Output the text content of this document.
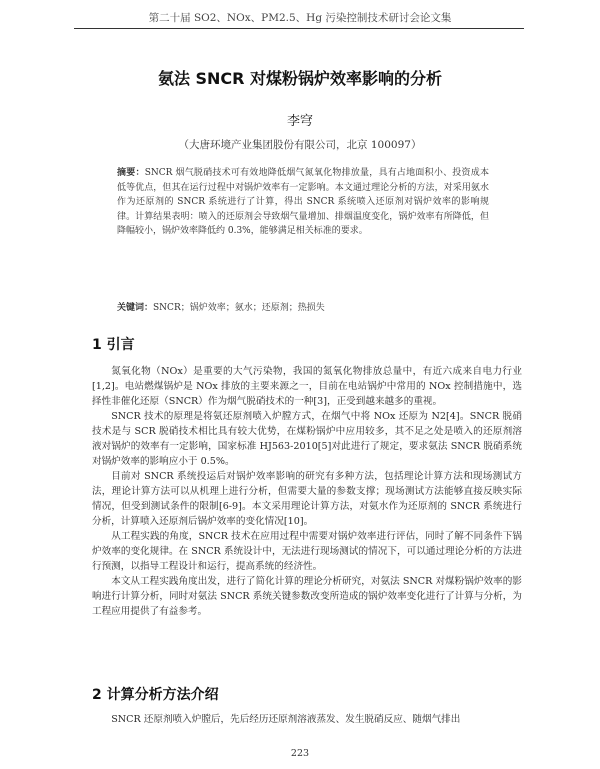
第二十届 SO2、NOx、PM2.5、Hg 污染控制技术研讨会论文集
氨法 SNCR 对煤粉锅炉效率影响的分析
李穹
（大唐环境产业集团股份有限公司，北京 100097）
摘要：SNCR 烟气脱硝技术可有效地降低烟气氮氧化物排放量，具有占地面积小、投资成本低等优点，但其在运行过程中对锅炉效率有一定影响。本文通过理论分析的方法，对采用氨水作为还原剂的 SNCR 系统进行了计算，得出 SNCR 系统喷入还原剂对锅炉效率的影响规律。计算结果表明：喷入的还原剂会导致烟气量增加、排烟温度变化，锅炉效率有所降低，但降幅较小，锅炉效率降低约 0.3%，能够满足相关标准的要求。
关键词：SNCR；锅炉效率；氨水；还原剂；热损失
1 引言

氮氧化物（NOx）是重要的大气污染物，我国的氮氧化物排放总量中，有近六成来自电力行业[1,2]。电站燃煤锅炉是 NOx 排放的主要来源之一，目前在电站锅炉中常用的 NOx 控制措施中，选择性非催化还原（SNCR）作为烟气脱硝技术的一种[3]，正受到越来越多的重视。

SNCR 技术的原理是将氨还原剂喷入炉膛方式，在烟气中将 NOx 还原为 N2[4]。SNCR 脱硝技术是与 SCR 脱硝技术相比具有较大优势，在煤粉锅炉中应用较多，其不足之处是喷入的还原剂溶液对锅炉的效率有一定影响，国家标准 HJ563-2010[5]对此进行了规定，要求氨法 SNCR 脱硝系统对锅炉效率的影响应小于 0.5%。

目前对 SNCR 系统投运后对锅炉效率影响的研究有多种方法，包括理论计算方法和现场测试方法，理论计算方法可以从机理上进行分析，但需要大量的参数支撑；现场测试方法能够直接反映实际情况，但受到测试条件的限制[6-9]。本文采用理论计算方法，对氨水作为还原剂的 SNCR 系统进行分析，计算喷入还原剂后锅炉效率的变化情况[10]。

从工程实践的角度，SNCR 技术在应用过程中需要对锅炉效率进行评估，同时了解不同条件下锅炉效率的变化规律。在 SNCR 系统设计中，无法进行现场测试的情况下，可以通过理论分析的方法进行预测，以指导工程设计和运行，提高系统的经济性。

本文从工程实践角度出发，进行了简化计算的理论分析研究，对氨法 SNCR 对煤粉锅炉效率的影响进行计算分析，同时对氨法 SNCR 系统关键参数改变所造成的锅炉效率变化进行了计算与分析，为工程应用提供了有益参考。

2 计算分析方法介绍

SNCR 还原剂喷入炉膛后，先后经历还原剂溶液蒸发、发生脱硝反应、随烟气排出

223
